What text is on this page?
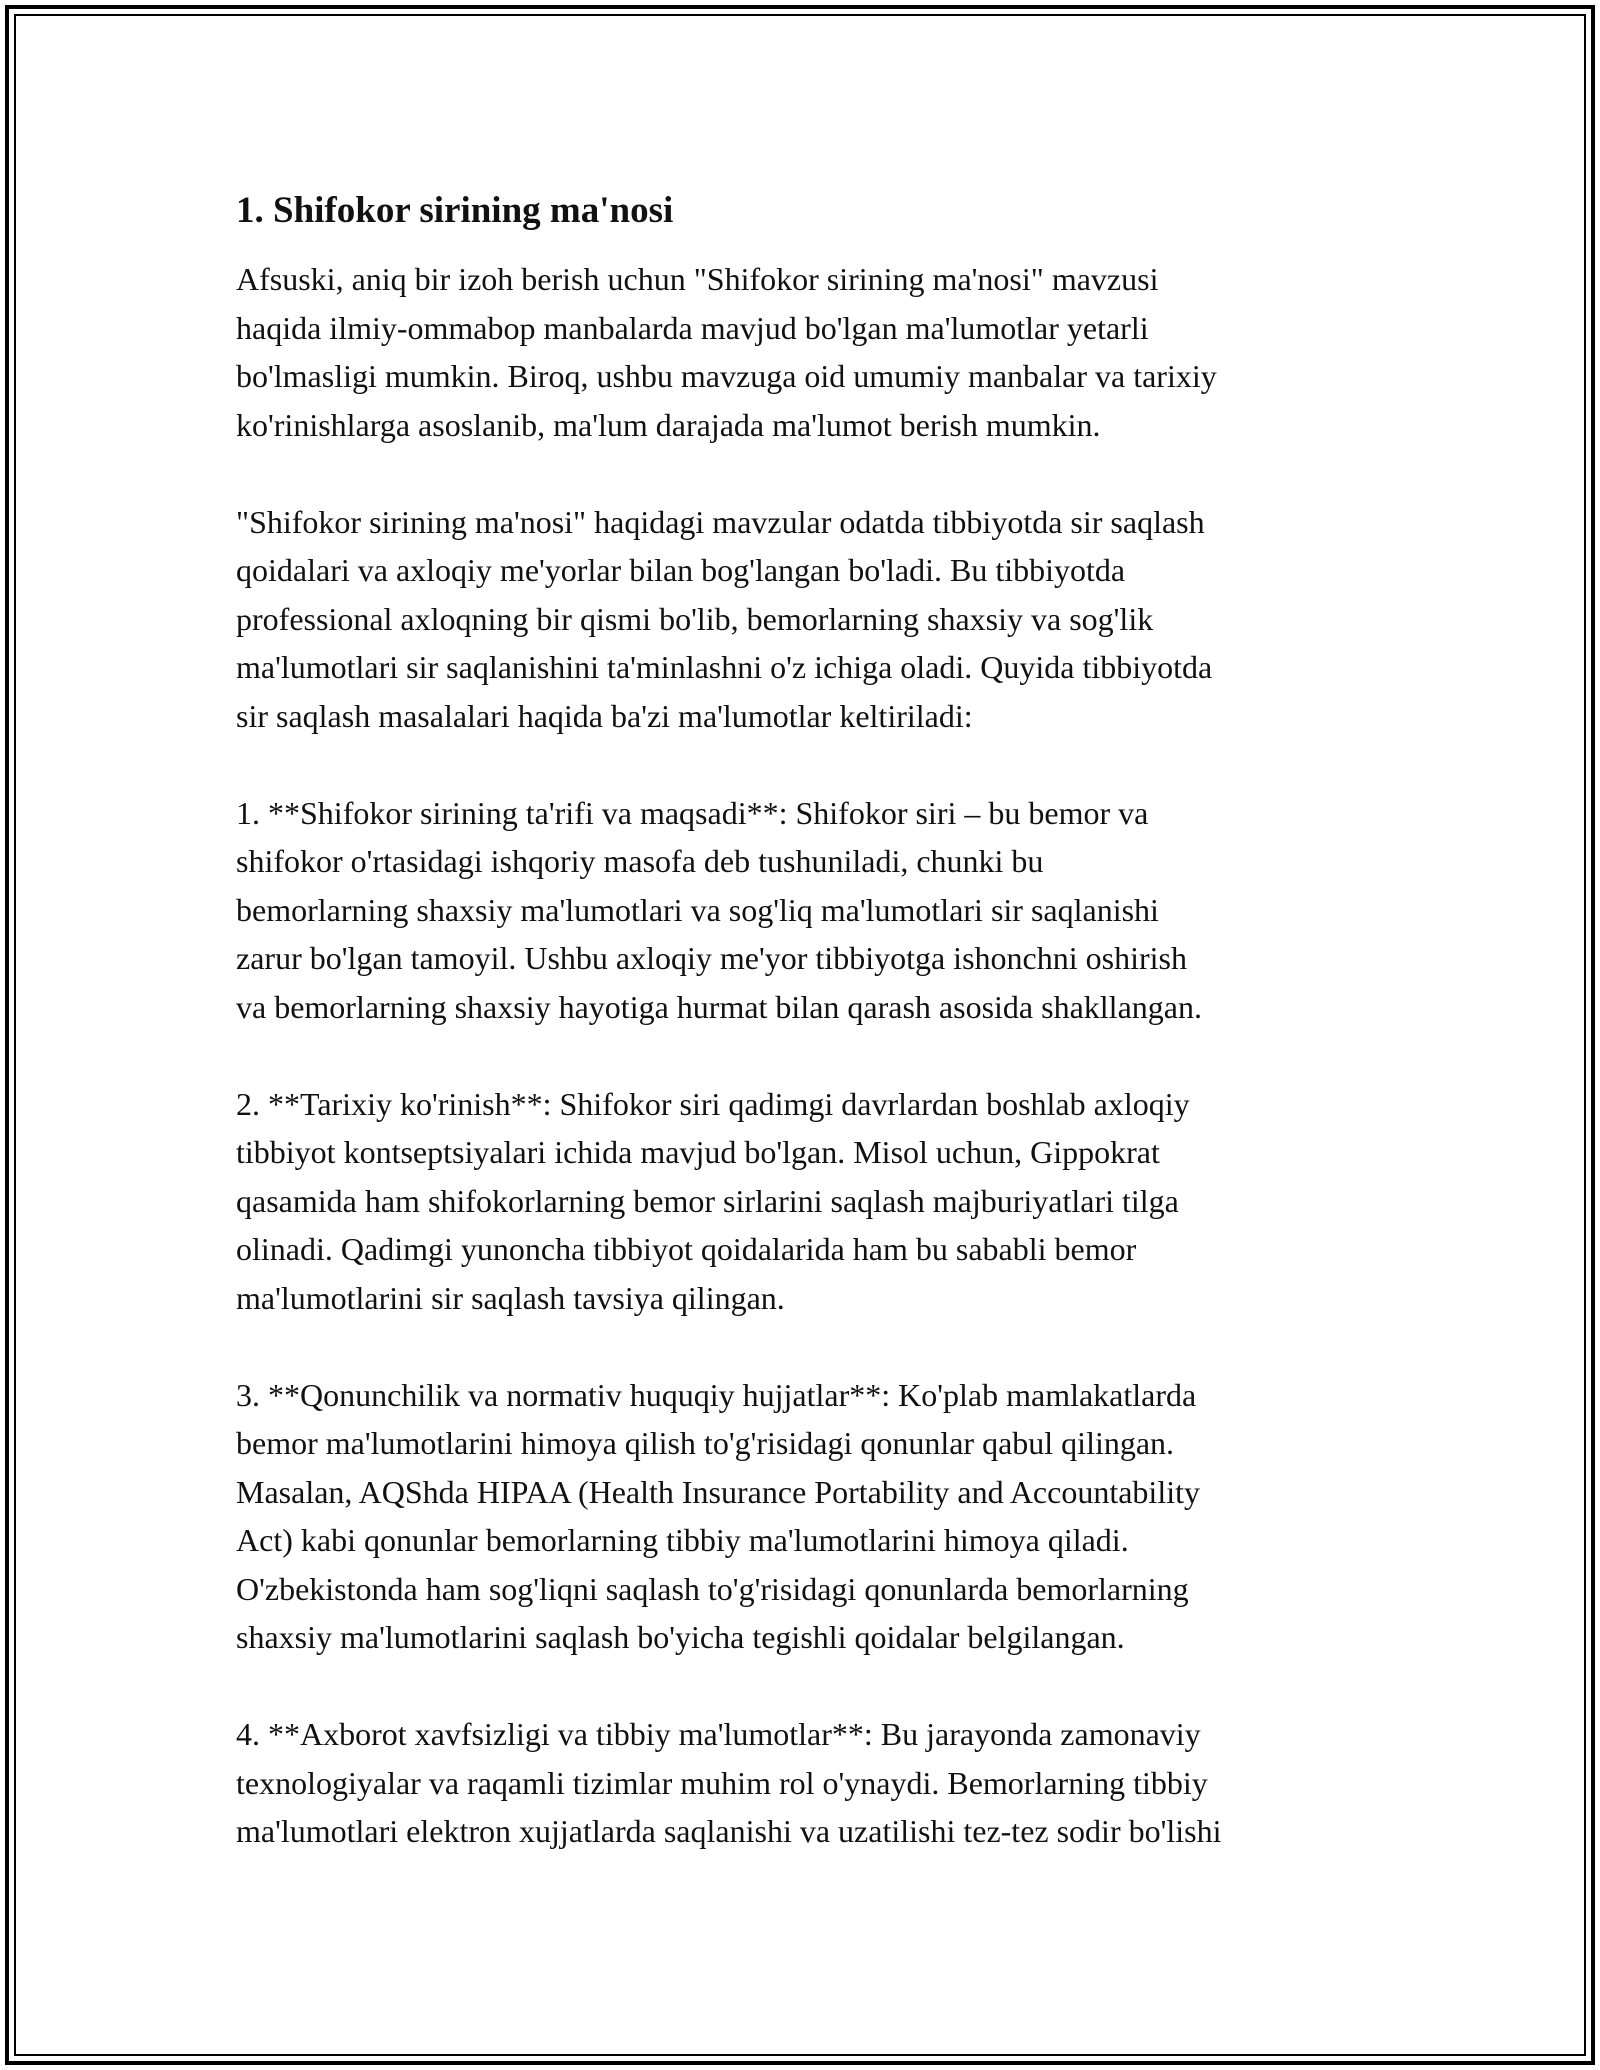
1. Shifokor sirining ma'nosi
Afsuski, aniq bir izoh berish uchun "Shifokor sirining ma'nosi" mavzusi
haqida ilmiy-ommabop manbalarda mavjud bo'lgan ma'lumotlar yetarli
bo'lmasligi mumkin. Biroq, ushbu mavzuga oid umumiy manbalar va tarixiy
ko'rinishlarga asoslanib, ma'lum darajada ma'lumot berish mumkin.
"Shifokor sirining ma'nosi" haqidagi mavzular odatda tibbiyotda sir saqlash
qoidalari va axloqiy me'yorlar bilan bog'langan bo'ladi. Bu tibbiyotda
professional axloqning bir qismi bo'lib, bemorlarning shaxsiy va sog'lik
ma'lumotlari sir saqlanishini ta'minlashni o'z ichiga oladi. Quyida tibbiyotda
sir saqlash masalalari haqida ba'zi ma'lumotlar keltiriladi:
1. **Shifokor sirining ta'rifi va maqsadi**: Shifokor siri – bu bemor va
shifokor o'rtasidagi ishqoriy masofa deb tushuniladi, chunki bu
bemorlarning shaxsiy ma'lumotlari va sog'liq ma'lumotlari sir saqlanishi
zarur bo'lgan tamoyil. Ushbu axloqiy me'yor tibbiyotga ishonchni oshirish
va bemorlarning shaxsiy hayotiga hurmat bilan qarash asosida shakllangan.
2. **Tarixiy ko'rinish**: Shifokor siri qadimgi davrlardan boshlab axloqiy
tibbiyot kontseptsiyalari ichida mavjud bo'lgan. Misol uchun, Gippokrat
qasamida ham shifokorlarning bemor sirlarini saqlash majburiyatlari tilga
olinadi. Qadimgi yunoncha tibbiyot qoidalarida ham bu sababli bemor
ma'lumotlarini sir saqlash tavsiya qilingan.
3. **Qonunchilik va normativ huquqiy hujjatlar**: Ko'plab mamlakatlarda
bemor ma'lumotlarini himoya qilish to'g'risidagi qonunlar qabul qilingan.
Masalan, AQShda HIPAA (Health Insurance Portability and Accountability
Act) kabi qonunlar bemorlarning tibbiy ma'lumotlarini himoya qiladi.
O'zbekistonda ham sog'liqni saqlash to'g'risidagi qonunlarda bemorlarning
shaxsiy ma'lumotlarini saqlash bo'yicha tegishli qoidalar belgilangan.
4. **Axborot xavfsizligi va tibbiy ma'lumotlar**: Bu jarayonda zamonaviy
texnologiyalar va raqamli tizimlar muhim rol o'ynaydi. Bemorlarning tibbiy
ma'lumotlari elektron xujjatlarda saqlanishi va uzatilishi tez-tez sodir bo'lishi
